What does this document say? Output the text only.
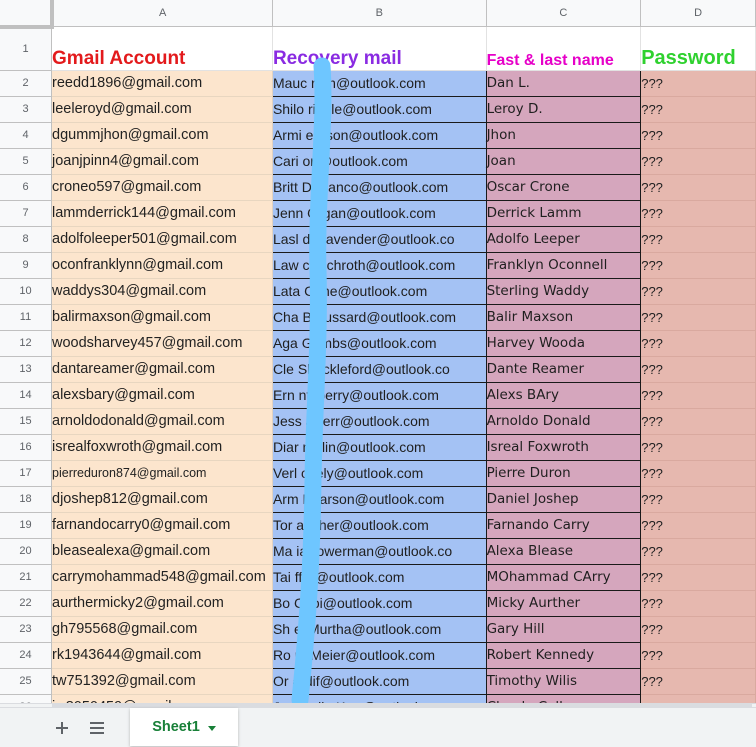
	A	B	C	D
1	Gmail Account	Recovery mail	Fast & last name	Password
2	reedd1896@gmail.com	Mauc rron@outlook.com	Dan L.	???
3	leeleroyd@gmail.com	Shilo ribble@outlook.com	Leroy D.	???
4	dgummjhon@gmail.com	Armi earson@outlook.com	Jhon	???
5	joanjpinn4@gmail.com	Cari on@outlook.com	Joan	???
6	croneo597@gmail.com	Britt Defranco@outlook.com	Oscar Crone	???
7	lammderrick144@gmail.com	Jenn Organ@outlook.com	Derrick Lamm	???
8	adolfoleeper501@gmail.com	Lasl daLavender@outlook.co	Adolfo Leeper	???
9	oconfranklynn@gmail.com	Law ceSchroth@outlook.com	Franklyn Oconnell	???
10	waddys304@gmail.com	Lata Cone@outlook.com	Sterling Waddy	???
11	balirmaxson@gmail.com	Cha Broussard@outlook.com	Balir Maxson	???
12	woodsharvey457@gmail.com	Aga Gumbs@outlook.com	Harvey Wooda	???
13	dantareamer@gmail.com	Cle Shackleford@outlook.co	Dante Reamer	???
14	alexsbary@gmail.com	Ern ntsberry@outlook.com	Alexs BAry	???
15	arnoldodonald@gmail.com	Jess aKerr@outlook.com	Arnoldo Donald	???
16	isrealfoxwroth@gmail.com	Diar mblin@outlook.com	Isreal Foxwroth	???
17	pierreduron874@gmail.com	Verl okely@outlook.com	Pierre Duron	???
18	djoshep812@gmail.com	Arm Pearson@outlook.com	Daniel Joshep	???
19	farnandocarry0@gmail.com	Tor absher@outlook.com	Farnando Carry	???
20	bleasealexa@gmail.com	Ma iaBowerman@outlook.co	Alexa Blease	???
21	carrymohammad548@gmail.com	Tai ffer@outlook.com	MOhammad CArry	???
22	aurthermicky2@gmail.com	Bo Choi@outlook.com	Micky Aurther	???
23	gh795568@gmail.com	Sh ellMurtha@outlook.com	Gary Hill	???
24	rk1943644@gmail.com	Ro naMeier@outlook.com	Robert Kennedy	???
25	tw751392@gmail.com	Or ardif@outlook.com	Timothy Wilis	???

Sheet1
